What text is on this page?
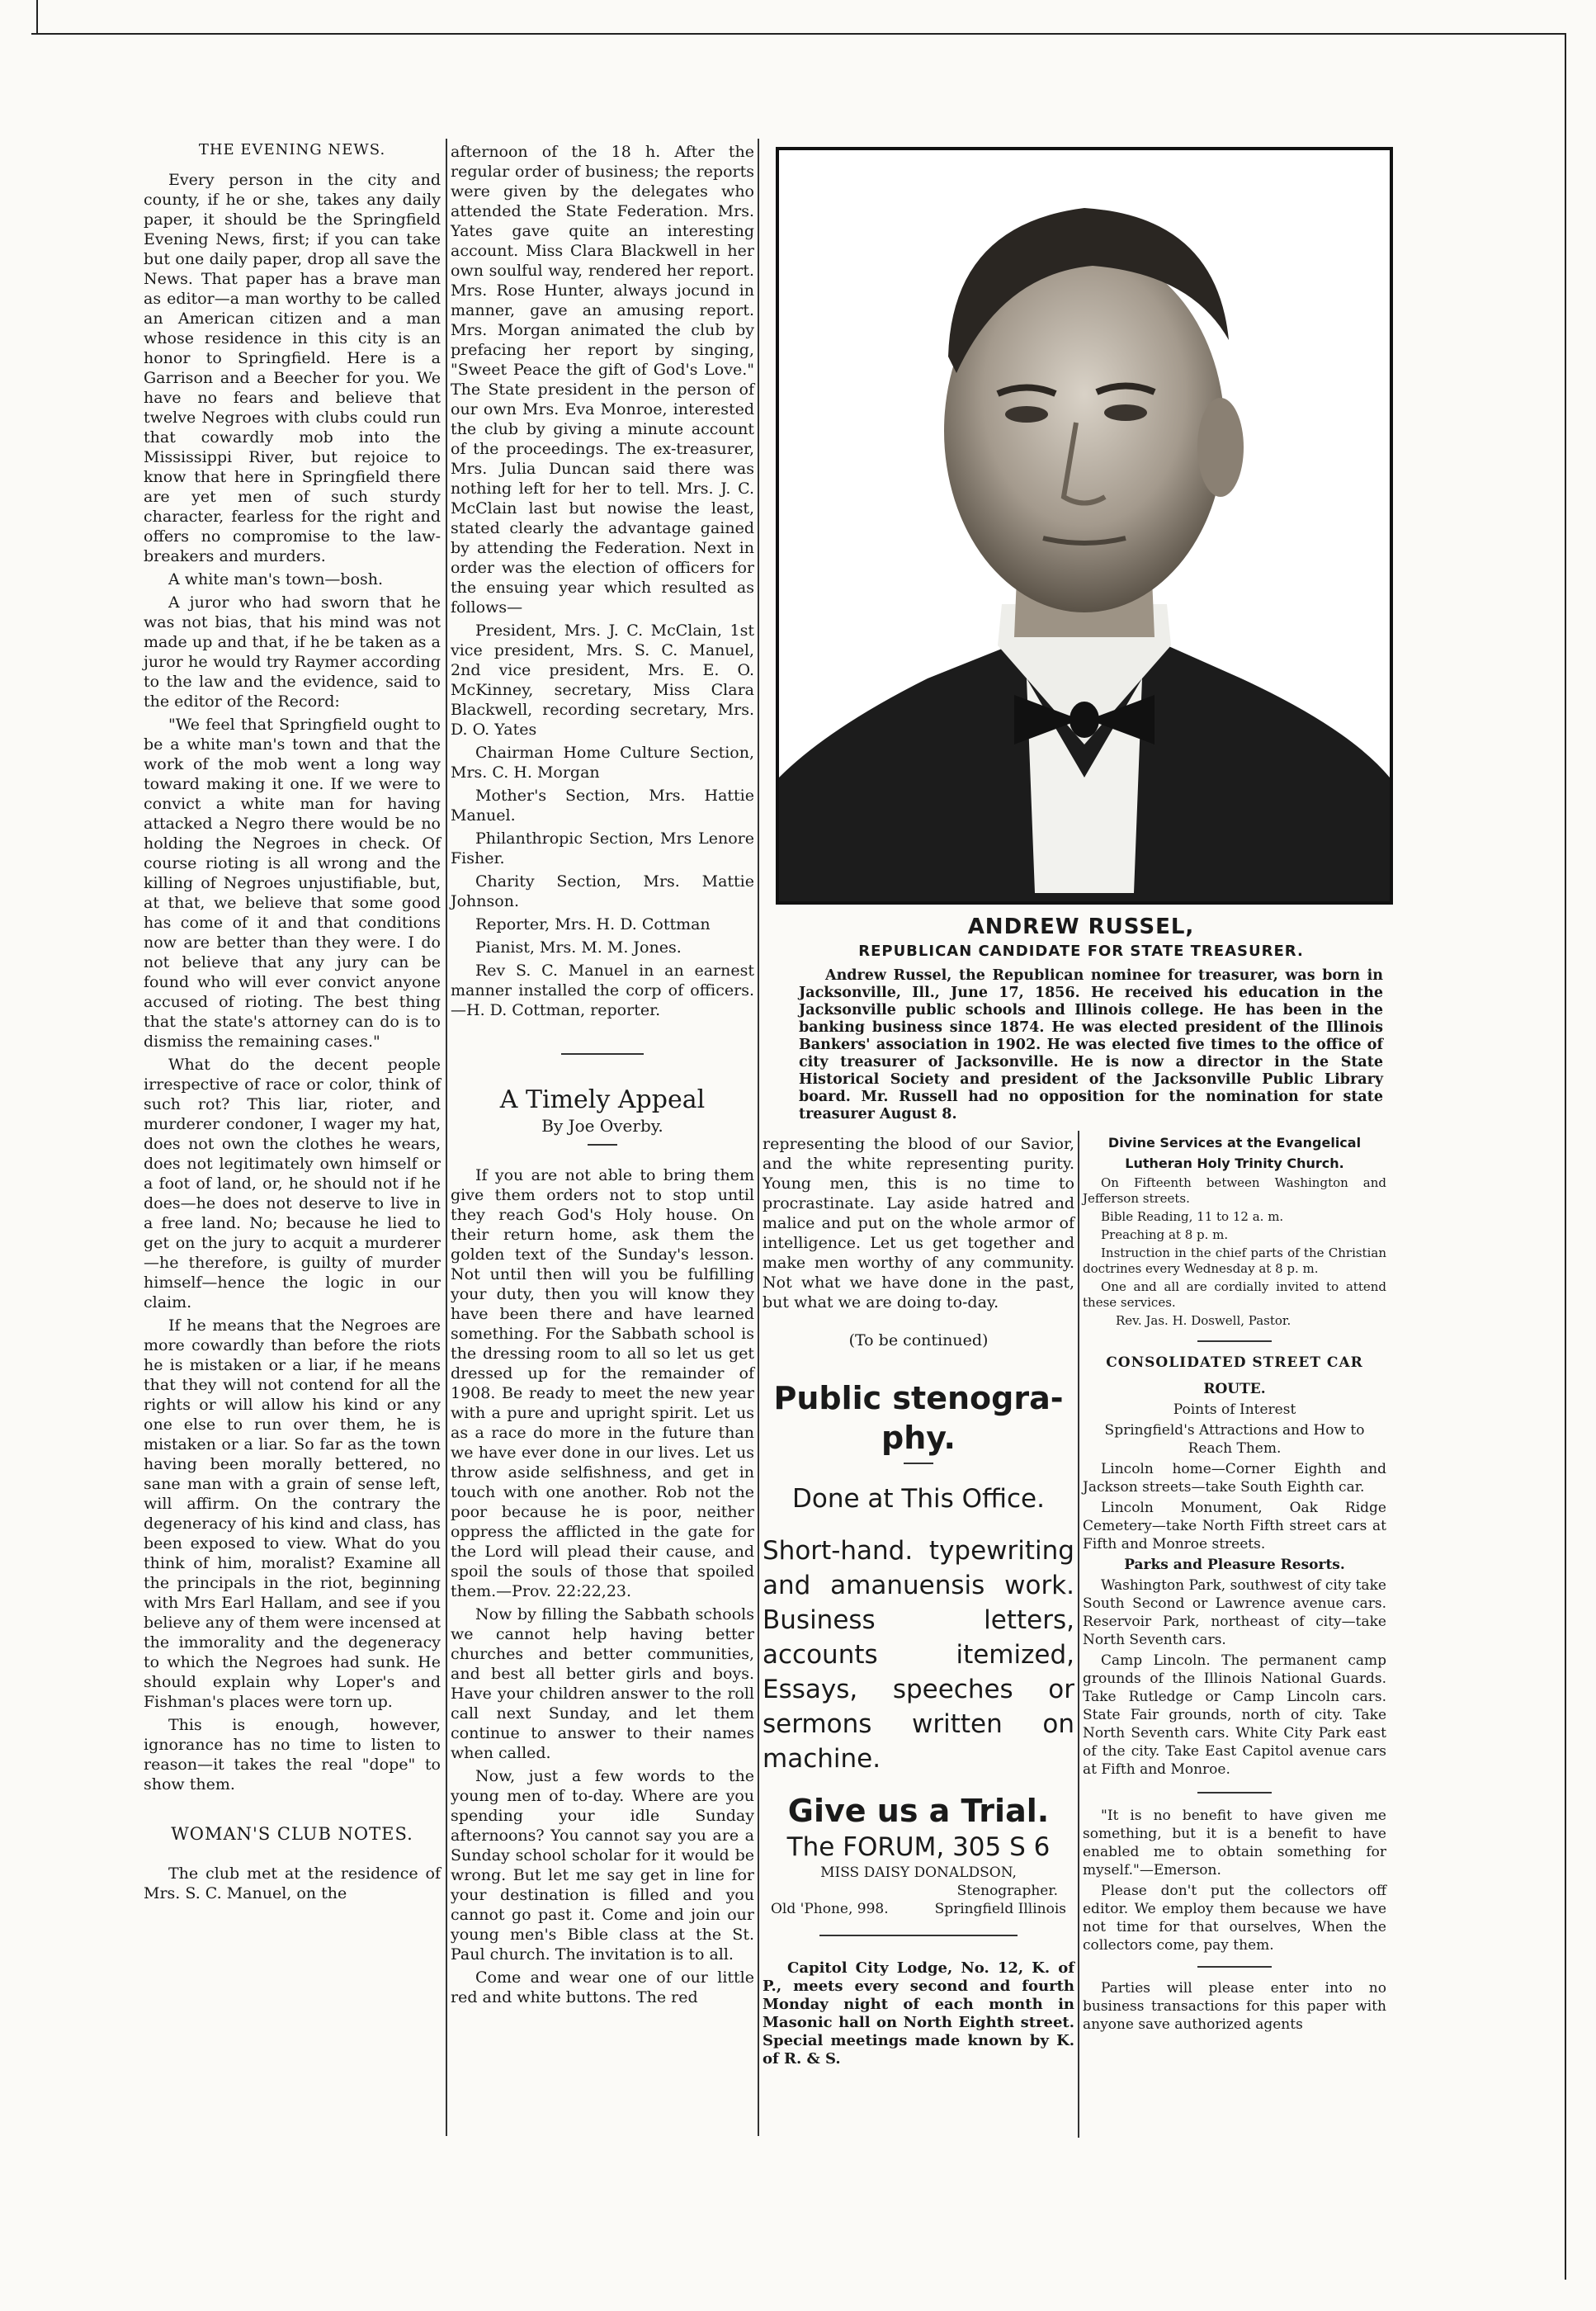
THE EVENING NEWS.

Every person in the city and county, if he or she, takes any daily paper, it should be the Springfield Evening News, first; if you can take but one daily paper, drop all save the News. That paper has a brave man as editor—a man worthy to be called an American citizen and a man whose residence in this city is an honor to Springfield. Here is a Garrison and a Beecher for you. We have no fears and believe that twelve Negroes with clubs could run that cowardly mob into the Mississippi River, but rejoice to know that here in Springfield there are yet men of such sturdy character, fearless for the right and offers no compromise to the law-breakers and murders.

A white man's town—bosh.

A juror who had sworn that he was not bias, that his mind was not made up and that, if he be taken as a juror he would try Raymer according to the law and the evidence, said to the editor of the Record:

"We feel that Springfield ought to be a white man's town and that the work of the mob went a long way toward making it one. If we were to convict a white man for having attacked a Negro there would be no holding the Negroes in check. Of course rioting is all wrong and the killing of Negroes unjustifiable, but, at that, we believe that some good has come of it and that conditions now are better than they were. I do not believe that any jury can be found who will ever convict anyone accused of rioting. The best thing that the state's attorney can do is to dismiss the remaining cases."

What do the decent people irrespective of race or color, think of such rot? This liar, rioter, and murderer condoner, I wager my hat, does not own the clothes he wears, does not legitimately own himself or a foot of land, or, he should not if he does—he does not deserve to live in a free land. No; because he lied to get on the jury to acquit a murderer—he therefore, is guilty of murder himself—hence the logic in our claim.

If he means that the Negroes are more cowardly than before the riots he is mistaken or a liar, if he means that they will not contend for all the rights or will allow his kind or any one else to run over them, he is mistaken or a liar. So far as the town having been morally bettered, no sane man with a grain of sense left, will affirm. On the contrary the degeneracy of his kind and class, has been exposed to view. What do you think of him, moralist? Examine all the principals in the riot, beginning with Mrs Earl Hallam, and see if you believe any of them were incensed at the immorality and the degeneracy to which the Negroes had sunk. He should explain why Loper's and Fishman's places were torn up.

This is enough, however, ignorance has no time to listen to reason—it takes the real "dope" to show them.

WOMAN'S CLUB NOTES.

The club met at the residence of Mrs. S. C. Manuel, on the

afternoon of the 18 h. After the regular order of business; the reports were given by the delegates who attended the State Federation. Mrs. Yates gave quite an interesting account. Miss Clara Blackwell in her own soulful way, rendered her report. Mrs. Rose Hunter, always jocund in manner, gave an amusing report. Mrs. Morgan animated the club by prefacing her report by singing, "Sweet Peace the gift of God's Love." The State president in the person of our own Mrs. Eva Monroe, interested the club by giving a minute account of the proceedings. The ex-treasurer, Mrs. Julia Duncan said there was nothing left for her to tell. Mrs. J. C. McClain last but nowise the least, stated clearly the advantage gained by attending the Federation. Next in order was the election of officers for the ensuing year which resulted as follows—

President, Mrs. J. C. McClain, 1st vice president, Mrs. S. C. Manuel, 2nd vice president, Mrs. E. O. McKinney, secretary, Miss Clara Blackwell, recording secretary, Mrs. D. O. Yates

Chairman Home Culture Section, Mrs. C. H. Morgan

Mother's Section, Mrs. Hattie Manuel.

Philanthropic Section, Mrs Lenore Fisher.

Charity Section, Mrs. Mattie Johnson.

Reporter, Mrs. H. D. Cottman

Pianist, Mrs. M. M. Jones.

Rev S. C. Manuel in an earnest manner installed the corp of officers.—H. D. Cottman, reporter.

A Timely Appeal

By Joe Overby.

If you are not able to bring them give them orders not to stop until they reach God's Holy house. On their return home, ask them the golden text of the Sunday's lesson. Not until then will you be fulfilling your duty, then you will know they have been there and have learned something. For the Sabbath school is the dressing room to all so let us get dressed up for the remainder of 1908. Be ready to meet the new year with a pure and upright spirit. Let us as a race do more in the future than we have ever done in our lives. Let us throw aside selfishness, and get in touch with one another. Rob not the poor because he is poor, neither oppress the afflicted in the gate for the Lord will plead their cause, and spoil the souls of those that spoiled them.—Prov. 22:22,23.

Now by filling the Sabbath schools we cannot help having better churches and better communities, and best all better girls and boys. Have your children answer to the roll call next Sunday, and let them continue to answer to their names when called.

Now, just a few words to the young men of to-day. Where are you spending your idle Sunday afternoons? You cannot say you are a Sunday school scholar for it would be wrong. But let me say get in line for your destination is filled and you cannot go past it. Come and join our young men's Bible class at the St. Paul church. The invitation is to all.

Come and wear one of our little red and white buttons. The red

ANDREW RUSSEL,
REPUBLICAN CANDIDATE FOR STATE TREASURER.
Andrew Russel, the Republican nominee for treasurer, was born in Jacksonville, Ill., June 17, 1856. He received his education in the Jacksonville public schools and Illinois college. He has been in the banking business since 1874. He was elected president of the Illinois Bankers' association in 1902. He was elected five times to the office of city treasurer of Jacksonville. He is now a director in the State Historical Society and president of the Jacksonville Public Library board. Mr. Russell had no opposition for the nomination for state treasurer August 8.

representing the blood of our Savior, and the white representing purity. Young men, this is no time to procrastinate. Lay aside hatred and malice and put on the whole armor of intelligence. Let us get together and make men worthy of any community. Not what we have done in the past, but what we are doing to-day.

(To be continued)

Public stenogra-

phy.

Done at This Office.

Short-hand. typewriting and amanuensis work. Business letters, accounts itemized, Essays, speeches or sermons written on machine.

Give us a Trial.

The FORUM, 305 S 6

MISS DAISY DONALDSON,

Stenographer.

Old 'Phone, 998.	Springfield Illinois

Capitol City Lodge, No. 12, K. of P., meets every second and fourth Monday night of each month in Masonic hall on North Eighth street. Special meetings made known by K. of R. & S.

Divine Services at the Evangelical

Lutheran Holy Trinity Church.

On Fifteenth between Washington and Jefferson streets.

Bible Reading, 11 to 12 a. m.

Preaching at 8 p. m.

Instruction in the chief parts of the Christian doctrines every Wednesday at 8 p. m.

One and all are cordially invited to attend these services.

Rev. Jas. H. Doswell, Pastor.

CONSOLIDATED STREET CAR

ROUTE.

Points of Interest

Springfield's Attractions and How to Reach Them.

Lincoln home—Corner Eighth and Jackson streets—take South Eighth car.

Lincoln Monument, Oak Ridge Cemetery—take North Fifth street cars at Fifth and Monroe streets.

Parks and Pleasure Resorts.

Washington Park, southwest of city take South Second or Lawrence avenue cars. Reservoir Park, northeast of city—take North Seventh cars.

Camp Lincoln. The permanent camp grounds of the Illinois National Guards. Take Rutledge or Camp Lincoln cars. State Fair grounds, north of city. Take North Seventh cars. White City Park east of the city. Take East Capitol avenue cars at Fifth and Monroe.

"It is no benefit to have given me something, but it is a benefit to have enabled me to obtain something for myself."—Emerson.

Please don't put the collectors off editor. We employ them because we have not time for that ourselves, When the collectors come, pay them.

Parties will please enter into no business transactions for this paper with anyone save authorized agents
